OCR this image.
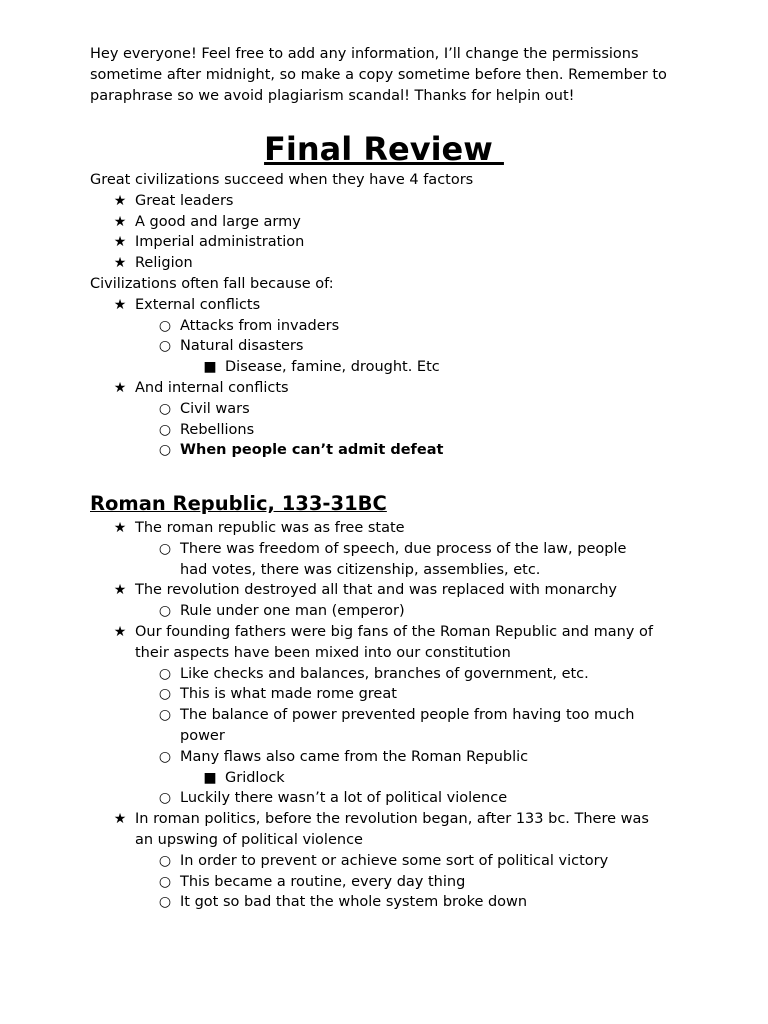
Hey everyone! Feel free to add any information, I’ll change the permissions sometime after midnight, so make a copy sometime before then. Remember to paraphrase so we avoid plagiarism scandal! Thanks for helpin out!

Final Review
Great civilizations succeed when they have 4 factors
★ Great leaders
★ A good and large army
★ Imperial administration
★ Religion
Civilizations often fall because of:
★ External conflicts
○ Attacks from invaders
○ Natural disasters
■ Disease, famine, drought. Etc
★ And internal conflicts
○ Civil wars
○ Rebellions
○ When people can’t admit defeat
Roman Republic, 133-31BC
★ The roman republic was as free state
○ There was freedom of speech, due process of the law, people
had votes, there was citizenship, assemblies, etc.
★ The revolution destroyed all that and was replaced with monarchy
○ Rule under one man (emperor)
★ Our founding fathers were big fans of the Roman Republic and many of
their aspects have been mixed into our constitution
○ Like checks and balances, branches of government, etc.
○ This is what made rome great
○ The balance of power prevented people from having too much
power
○ Many flaws also came from the Roman Republic
■ Gridlock
○ Luckily there wasn’t a lot of political violence
★ In roman politics, before the revolution began, after 133 bc. There was
an upswing of political violence
○ In order to prevent or achieve some sort of political victory
○ This became a routine, every day thing
○ It got so bad that the whole system broke down
